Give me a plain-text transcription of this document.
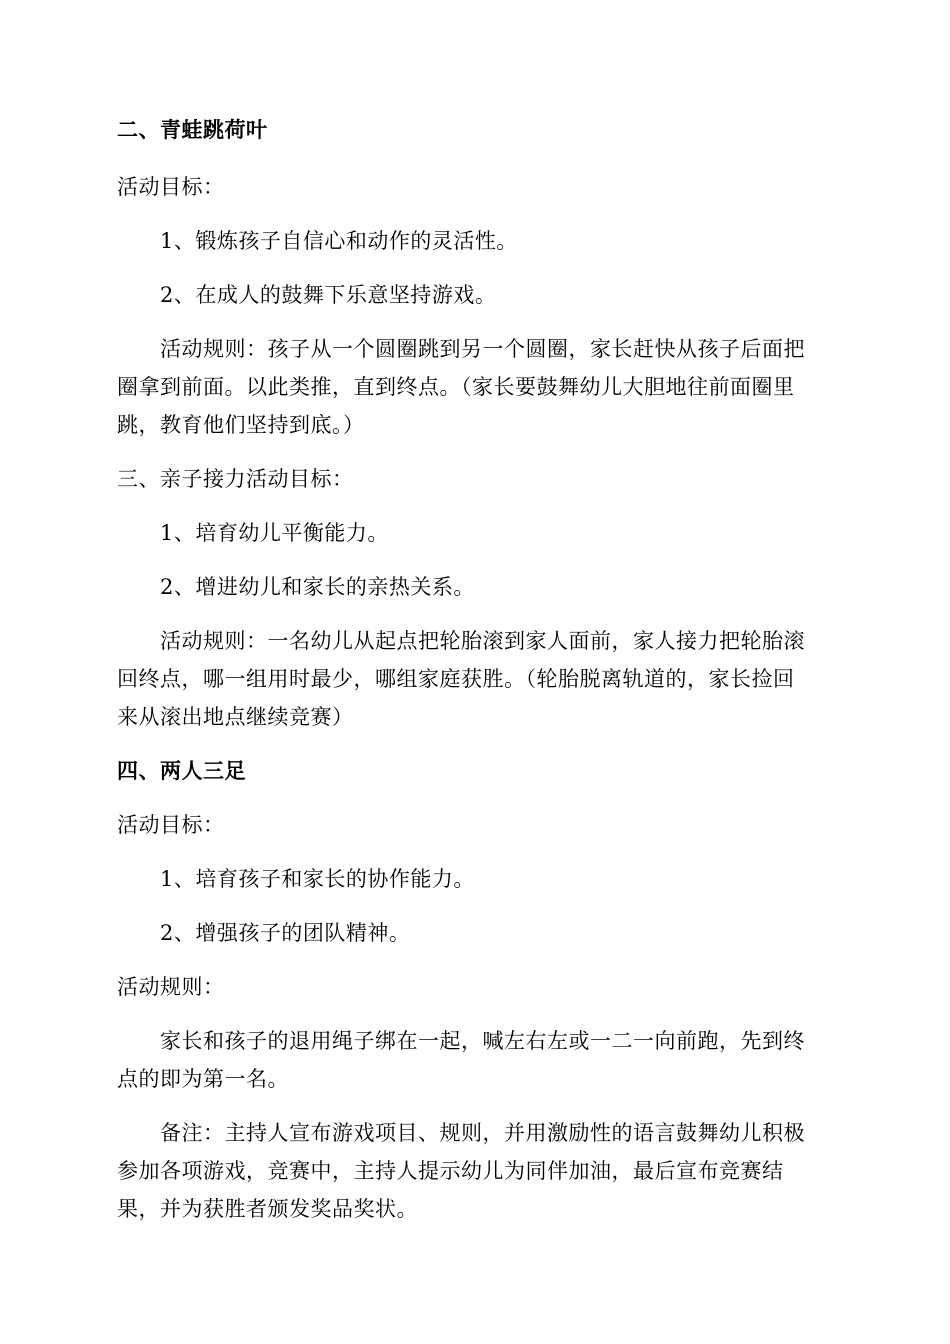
二、青蛙跳荷叶
活动目标：
1、锻炼孩子自信心和动作的灵活性。
2、在成人的鼓舞下乐意坚持游戏。
活动规则：孩子从一个圆圈跳到另一个圆圈，家长赶快从孩子后面把
圈拿到前面。以此类推，直到终点。（家长要鼓舞幼儿大胆地往前面圈里
跳，教育他们坚持到底。）
三、亲子接力活动目标：
1、培育幼儿平衡能力。
2、增进幼儿和家长的亲热关系。
活动规则：一名幼儿从起点把轮胎滚到家人面前，家人接力把轮胎滚
回终点，哪一组用时最少，哪组家庭获胜。（轮胎脱离轨道的，家长捡回
来从滚出地点继续竞赛）
四、两人三足
活动目标：
1、培育孩子和家长的协作能力。
2、增强孩子的团队精神。
活动规则：
家长和孩子的退用绳子绑在一起，喊左右左或一二一向前跑，先到终
点的即为第一名。
备注：主持人宣布游戏项目、规则，并用激励性的语言鼓舞幼儿积极
参加各项游戏，竞赛中，主持人提示幼儿为同伴加油，最后宣布竞赛结
果，并为获胜者颁发奖品奖状。
